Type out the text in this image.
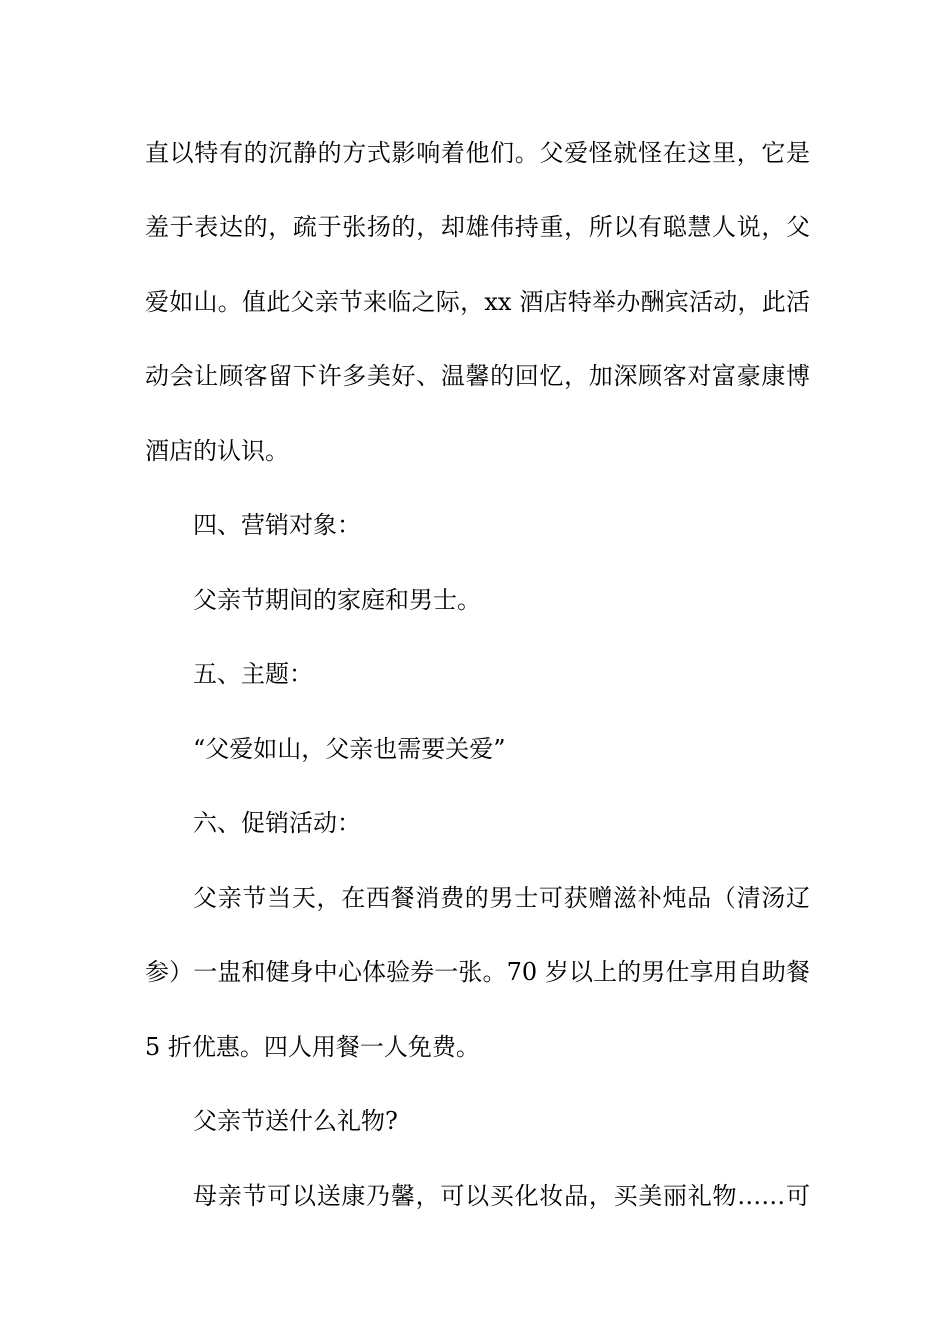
直以特有的沉静的方式影响着他们。父爱怪就怪在这里，它是
羞于表达的，疏于张扬的，却雄伟持重，所以有聪慧人说，父
爱如山。值此父亲节来临之际，xx 酒店特举办酬宾活动，此活
动会让顾客留下许多美好、温馨的回忆，加深顾客对富豪康博
酒店的认识。
四、营销对象：
父亲节期间的家庭和男士。
五、主题：
“父爱如山，父亲也需要关爱”
六、促销活动：
父亲节当天，在西餐消费的男士可获赠滋补炖品（清汤辽
参）一盅和健身中心体验券一张。70 岁以上的男仕享用自助餐
5 折优惠。四人用餐一人免费。
父亲节送什么礼物?
母亲节可以送康乃馨，可以买化妆品，买美丽礼物……可
